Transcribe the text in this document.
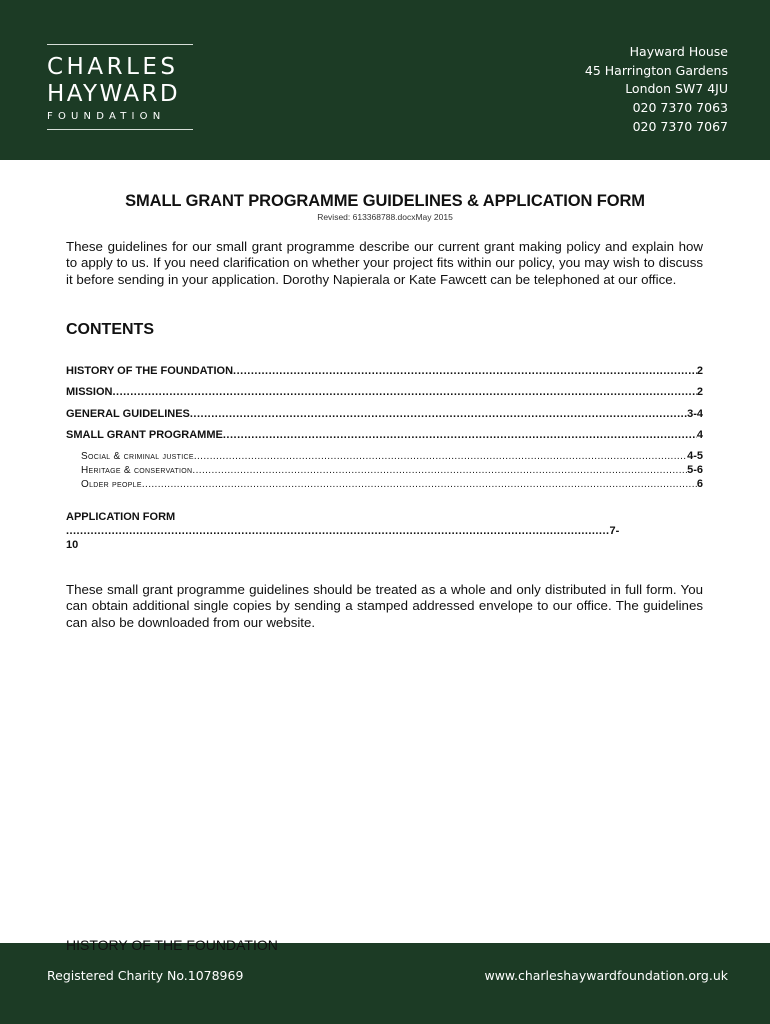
CHARLES
HAYWARD
FOUNDATION
Hayward House
45 Harrington Gardens
London SW7 4JU
020 7370 7063
020 7370 7067
SMALL GRANT PROGRAMME GUIDELINES & APPLICATION FORM
Revised: 613368788.docxMay 2015
These guidelines for our small grant programme describe our current grant making policy and explain how to apply to us. If you need clarification on whether your project fits within our policy, you may wish to discuss it before sending in your application. Dorothy Napierala or Kate Fawcett can be telephoned at our office.
CONTENTS
HISTORY OF THE FOUNDATION .....	2
MISSION .....	2
GENERAL GUIDELINES .....	3-4
SMALL GRANT PROGRAMME .....	4
Social & criminal justice .....	4-5
Heritage & conservation .....	5-6
Older people .....	6
APPLICATION FORM .....7-
10
These small grant programme guidelines should be treated as a whole and only distributed in full form. You can obtain additional single copies by sending a stamped addressed envelope to our office. The guidelines can also be downloaded from our website.
Registered Charity No.1078969	www.charleshaywardfoundation.org.uk
HISTORY OF THE FOUNDATION
